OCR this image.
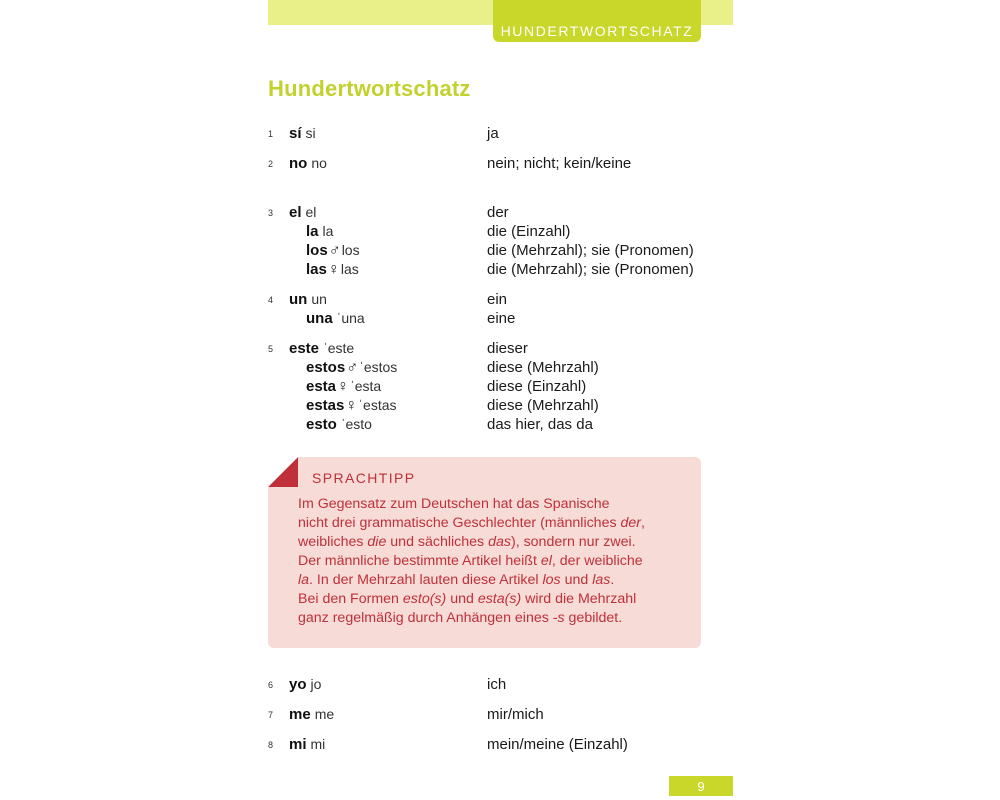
HUNDERTWORTSCHATZ
Hundertwortschatz
1 sí si	ja
2 no no	nein; nicht; kein/keine
3 el el	der
la la	die (Einzahl)
los♂los	die (Mehrzahl); sie (Pronomen)
las♀las	die (Mehrzahl); sie (Pronomen)
4 un un	ein
una ˈuna	eine
5 este ˈeste	dieser
estos♂ˈestos	diese (Mehrzahl)
esta♀ˈesta	diese (Einzahl)
estas♀ˈestas	diese (Mehrzahl)
esto ˈesto	das hier, das da
6 yo jo	ich
7 me me	mir/mich
8 mi mi	mein/meine (Einzahl)
SPRACHTIPP

Im Gegensatz zum Deutschen hat das Spanische

nicht drei grammatische Geschlechter (männliches der,

weibliches die und sächliches das), sondern nur zwei.

Der männliche bestimmte Artikel heißt el, der weibliche

la. In der Mehrzahl lauten diese Artikel los und las.

Bei den Formen esto(s) und esta(s) wird die Mehrzahl

ganz regelmäßig durch Anhängen eines -s gebildet.

9
